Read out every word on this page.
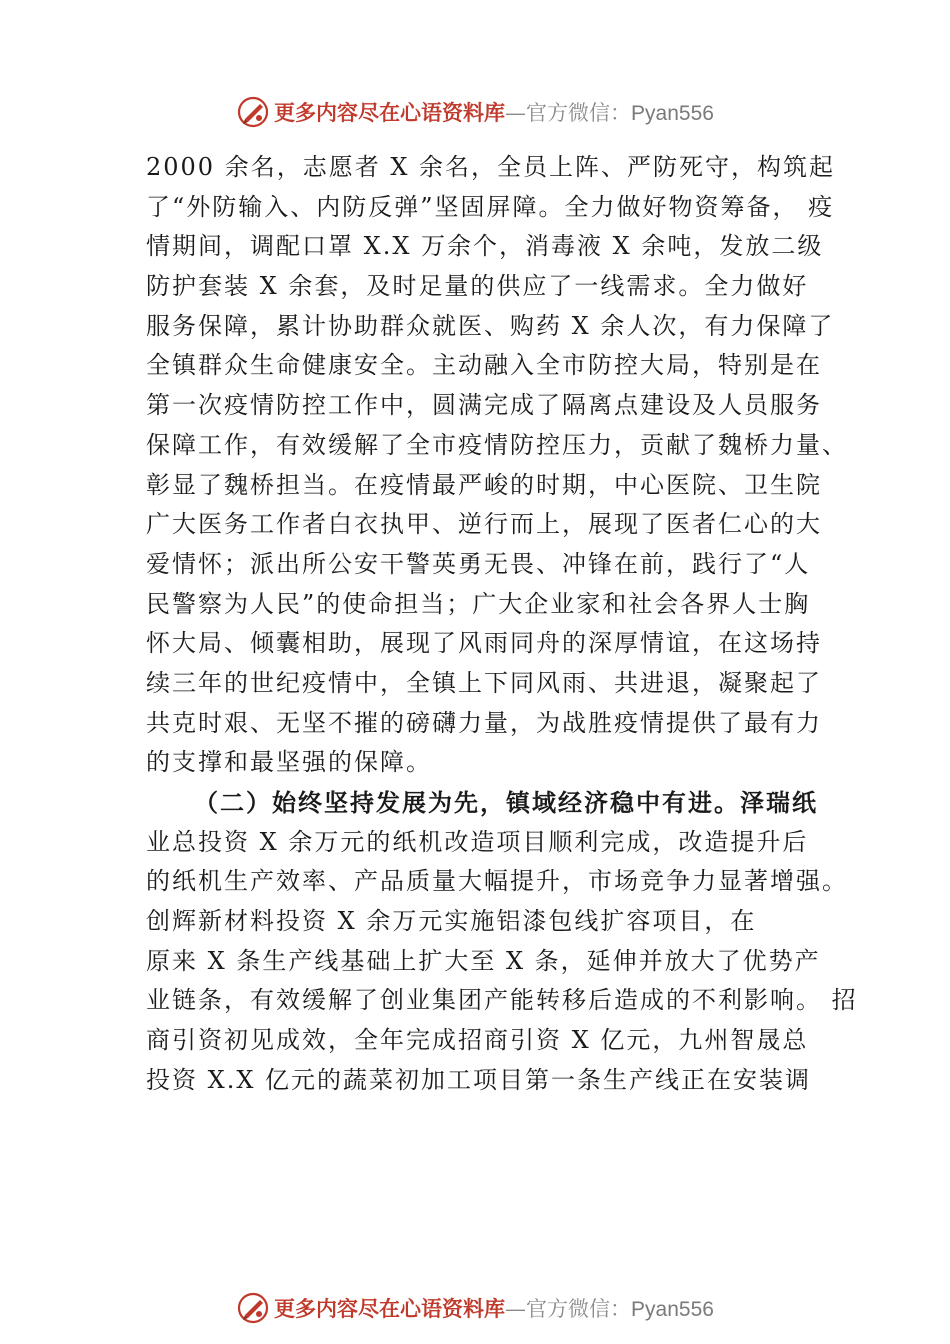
更多内容尽在心语资料库 — 官方微信： Pyan556
2000 余名，志愿者 X 余名，全员上阵、严防死守，构筑起
了“外防输入、内防反弹”坚固屏障。全力做好物资筹备， 疫
情期间，调配口罩 X.X 万余个，消毒液 X 余吨，发放二级
防护套装 X 余套，及时足量的供应了一线需求。全力做好
服务保障，累计协助群众就医、购药 X 余人次，有力保障了
全镇群众生命健康安全。主动融入全市防控大局，特别是在
第一次疫情防控工作中，圆满完成了隔离点建设及人员服务
保障工作，有效缓解了全市疫情防控压力，贡献了魏桥力量、
彰显了魏桥担当。在疫情最严峻的时期，中心医院、卫生院
广大医务工作者白衣执甲、逆行而上，展现了医者仁心的大
爱情怀；派出所公安干警英勇无畏、冲锋在前，践行了“人
民警察为人民”的使命担当；广大企业家和社会各界人士胸
怀大局、倾囊相助，展现了风雨同舟的深厚情谊，在这场持
续三年的世纪疫情中，全镇上下同风雨、共进退，凝聚起了
共克时艰、无坚不摧的磅礴力量，为战胜疫情提供了最有力
的支撑和最坚强的保障。
（二）始终坚持发展为先，镇域经济稳中有进。泽瑞纸
业总投资 X 余万元的纸机改造项目顺利完成，改造提升后
的纸机生产效率、产品质量大幅提升，市场竞争力显著增强。
创辉新材料投资 X 余万元实施铝漆包线扩容项目，在
原来 X 条生产线基础上扩大至 X 条，延伸并放大了优势产
业链条，有效缓解了创业集团产能转移后造成的不利影响。 招
商引资初见成效，全年完成招商引资 X 亿元，九州智晟总
投资 X.X 亿元的蔬菜初加工项目第一条生产线正在安装调
更多内容尽在心语资料库 — 官方微信： Pyan556
